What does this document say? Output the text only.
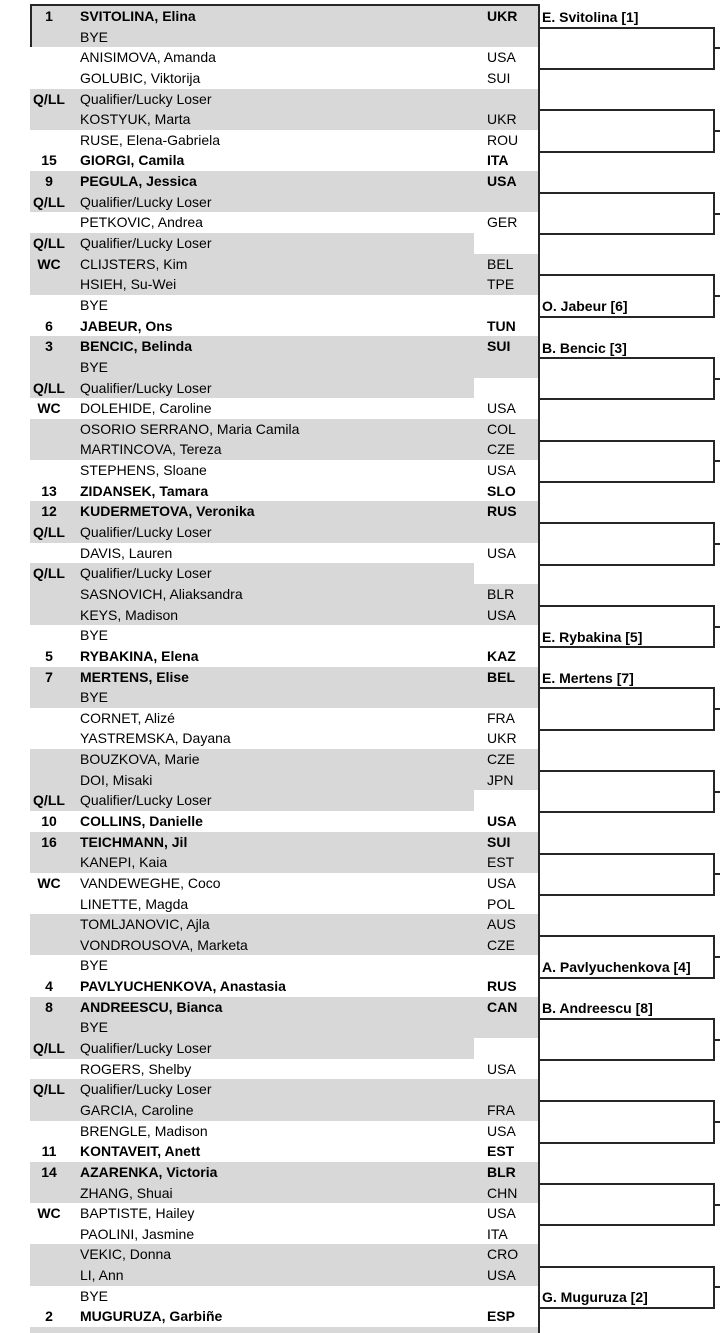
1	SVITOLINA, Elina	UKR
BYE
ANISIMOVA, Amanda	USA
GOLUBIC, Viktorija	SUI
Q/LL	Qualifier/Lucky Loser
KOSTYUK, Marta	UKR
RUSE, Elena-Gabriela	ROU
15	GIORGI, Camila	ITA
9	PEGULA, Jessica	USA
Q/LL	Qualifier/Lucky Loser
PETKOVIC, Andrea	GER
Q/LL	Qualifier/Lucky Loser
WC	CLIJSTERS, Kim	BEL
HSIEH, Su-Wei	TPE
BYE
6	JABEUR, Ons	TUN
3	BENCIC, Belinda	SUI
BYE
Q/LL	Qualifier/Lucky Loser
WC	DOLEHIDE, Caroline	USA
OSORIO SERRANO, Maria Camila	COL
MARTINCOVA, Tereza	CZE
STEPHENS, Sloane	USA
13	ZIDANSEK, Tamara	SLO
12	KUDERMETOVA, Veronika	RUS
Q/LL	Qualifier/Lucky Loser
DAVIS, Lauren	USA
Q/LL	Qualifier/Lucky Loser
SASNOVICH, Aliaksandra	BLR
KEYS, Madison	USA
BYE
5	RYBAKINA, Elena	KAZ
7	MERTENS, Elise	BEL
BYE
CORNET, Alizé	FRA
YASTREMSKA, Dayana	UKR
BOUZKOVA, Marie	CZE
DOI, Misaki	JPN
Q/LL	Qualifier/Lucky Loser
10	COLLINS, Danielle	USA
16	TEICHMANN, Jil	SUI
KANEPI, Kaia	EST
WC	VANDEWEGHE, Coco	USA
LINETTE, Magda	POL
TOMLJANOVIC, Ajla	AUS
VONDROUSOVA, Marketa	CZE
BYE
4	PAVLYUCHENKOVA, Anastasia	RUS
8	ANDREESCU, Bianca	CAN
BYE
Q/LL	Qualifier/Lucky Loser
ROGERS, Shelby	USA
Q/LL	Qualifier/Lucky Loser
GARCIA, Caroline	FRA
BRENGLE, Madison	USA
11	KONTAVEIT, Anett	EST
14	AZARENKA, Victoria	BLR
ZHANG, Shuai	CHN
WC	BAPTISTE, Hailey	USA
PAOLINI, Jasmine	ITA
VEKIC, Donna	CRO
LI, Ann	USA
BYE
2	MUGURUZA, Garbiñe	ESP
E. Svitolina [1]
O. Jabeur [6]
B. Bencic [3]
E. Rybakina [5]
E. Mertens [7]
A. Pavlyuchenkova [4]
B. Andreescu [8]
G. Muguruza [2]
